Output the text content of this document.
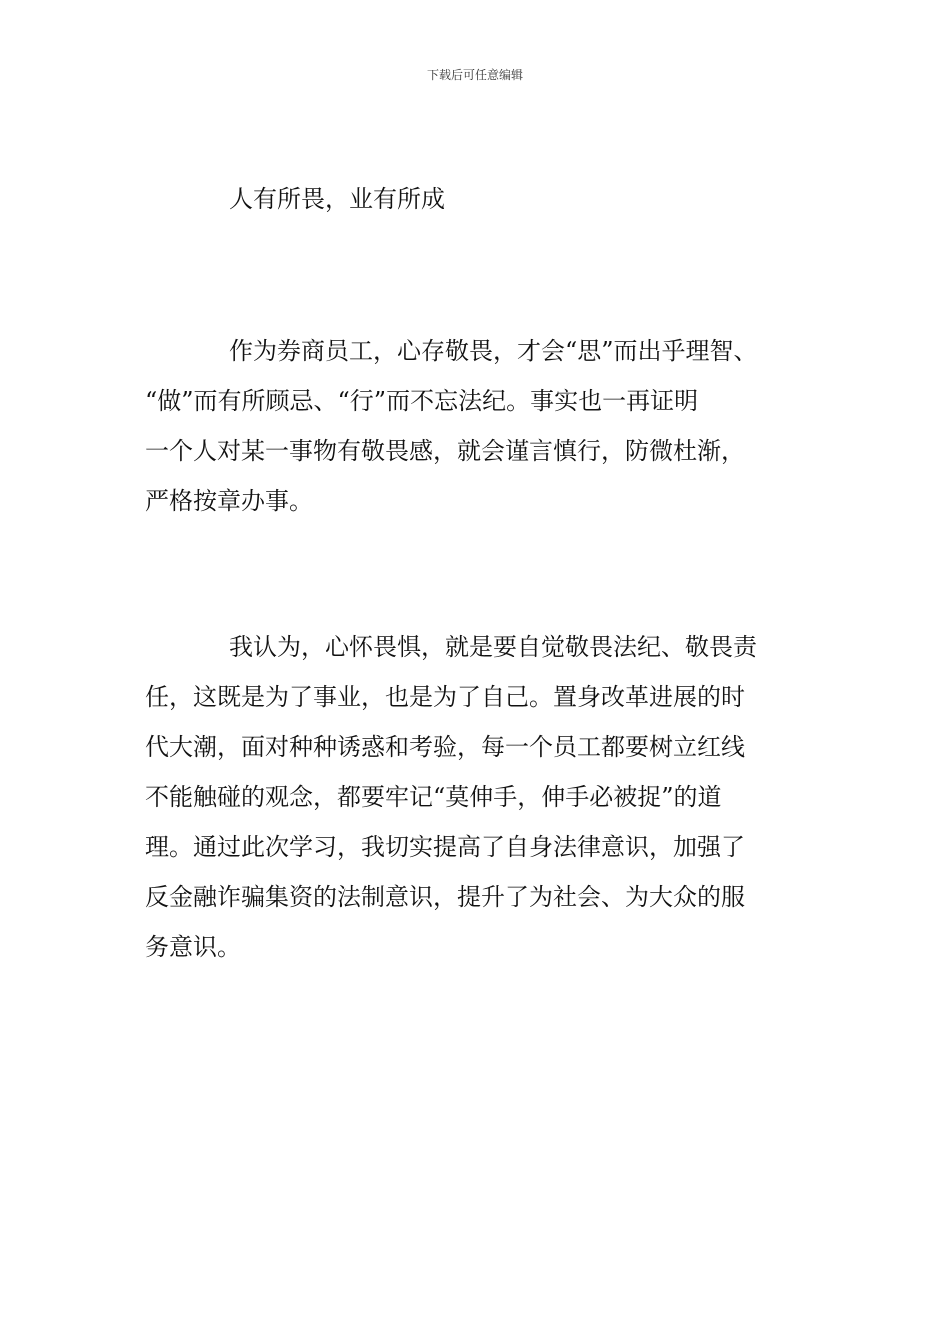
下载后可任意编辑
人有所畏，业有所成
作为券商员工，心存敬畏，才会“思”而出乎理智、
“做”而有所顾忌、“行”而不忘法纪。事实也一再证明
一个人对某一事物有敬畏感，就会谨言慎行，防微杜渐，
严格按章办事。
我认为，心怀畏惧，就是要自觉敬畏法纪、敬畏责
任，这既是为了事业，也是为了自己。置身改革进展的时
代大潮，面对种种诱惑和考验，每一个员工都要树立红线
不能触碰的观念，都要牢记“莫伸手，伸手必被捉”的道
理。通过此次学习，我切实提高了自身法律意识，加强了
反金融诈骗集资的法制意识，提升了为社会、为大众的服
务意识。
